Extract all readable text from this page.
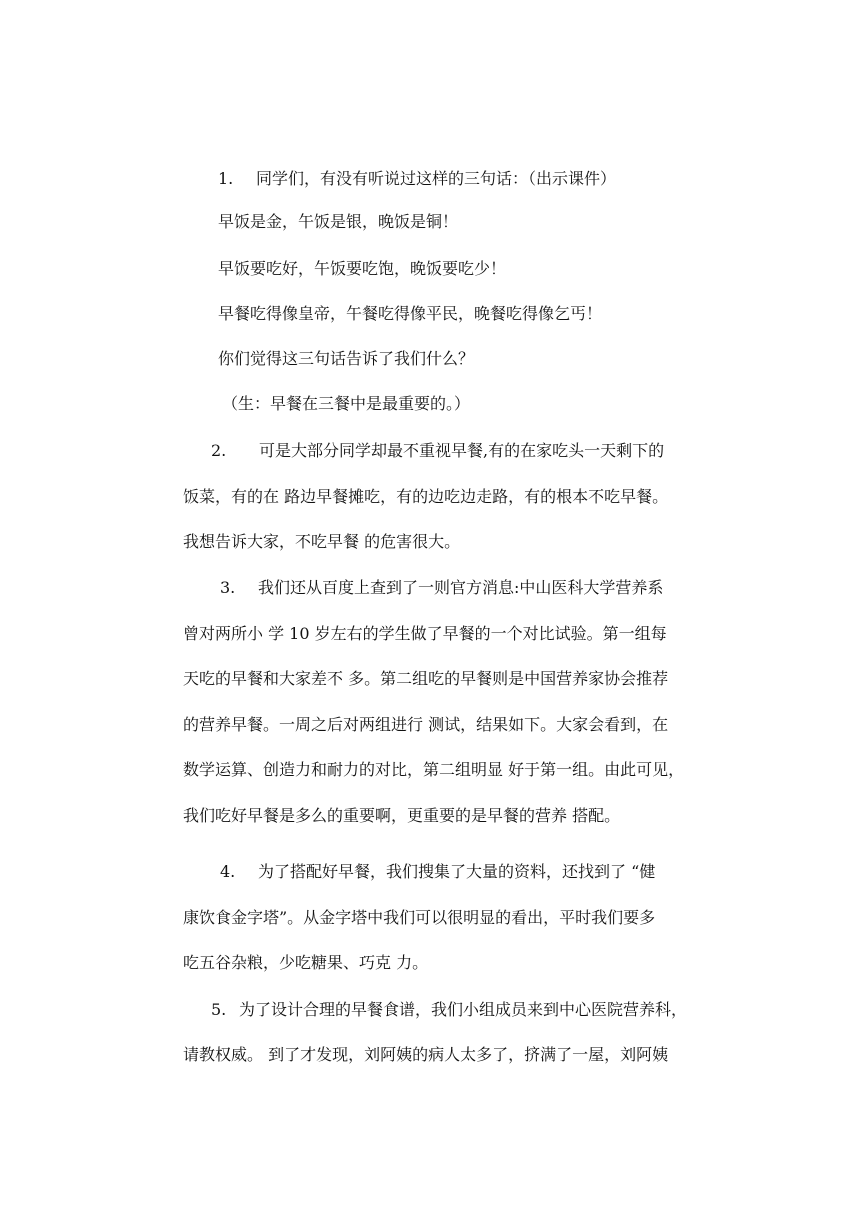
1. 同学们，有没有听说过这样的三句话：（出示课件）

早饭是金，午饭是银，晚饭是铜！

早饭要吃好，午饭要吃饱，晚饭要吃少！

早餐吃得像皇帝，午餐吃得像平民，晚餐吃得像乞丐！

你们觉得这三句话告诉了我们什么？

（生：早餐在三餐中是最重要的。）

2. 可是大部分同学却最不重视早餐,有的在家吃头一天剩下的

饭菜，有的在 路边早餐摊吃，有的边吃边走路，有的根本不吃早餐。

我想告诉大家，不吃早餐 的危害很大。

3. 我们还从百度上查到了一则官方消息:中山医科大学营养系

曾对两所小 学 10 岁左右的学生做了早餐的一个对比试验。第一组每

天吃的早餐和大家差不 多。第二组吃的早餐则是中国营养家协会推荐

的营养早餐。一周之后对两组进行 测试，结果如下。大家会看到，在

数学运算、创造力和耐力的对比，第二组明显 好于第一组。由此可见，

我们吃好早餐是多么的重要啊，更重要的是早餐的营养 搭配。

4. 为了搭配好早餐，我们搜集了大量的资料，还找到了 “健

康饮食金字塔”。从金字塔中我们可以很明显的看出，平时我们要多

吃五谷杂粮，少吃糖果、巧克 力。

5. 为了设计合理的早餐食谱，我们小组成员来到中心医院营养科，

请教权威。 到了才发现，刘阿姨的病人太多了，挤满了一屋，刘阿姨
